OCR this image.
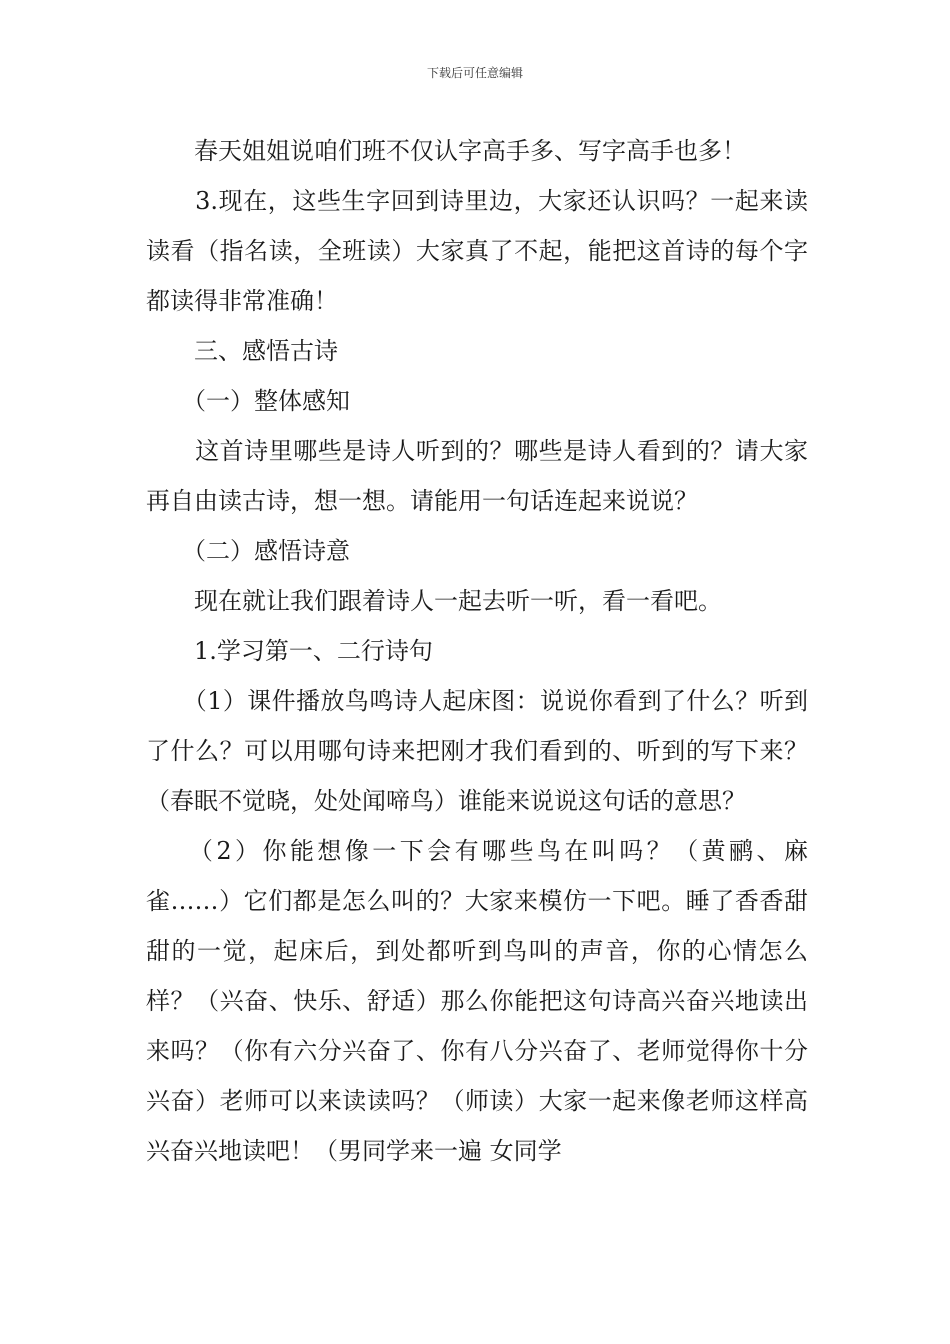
下载后可任意编辑

　　春天姐姐说咱们班不仅认字高手多、写字高手也多！

　　3.现在，这些生字回到诗里边，大家还认识吗？一起来读读看（指名读，全班读）大家真了不起，能把这首诗的每个字都读得非常准确！

　　三、感悟古诗

　　（一）整体感知

　　这首诗里哪些是诗人听到的？哪些是诗人看到的？请大家再自由读古诗，想一想。请能用一句话连起来说说？

　　（二）感悟诗意

　　现在就让我们跟着诗人一起去听一听，看一看吧。

　　1.学习第一、二行诗句

　　（1）课件播放鸟鸣诗人起床图：说说你看到了什么？听到了什么？可以用哪句诗来把刚才我们看到的、听到的写下来？（春眠不觉晓，处处闻啼鸟）谁能来说说这句话的意思？

　　（2）你能想像一下会有哪些鸟在叫吗？（黄鹂、麻雀……）它们都是怎么叫的？大家来模仿一下吧。睡了香香甜甜的一觉，起床后，到处都听到鸟叫的声音，你的心情怎么样？（兴奋、快乐、舒适）那么你能把这句诗高兴奋兴地读出来吗？（你有六分兴奋了、你有八分兴奋了、老师觉得你十分兴奋）老师可以来读读吗？（师读）大家一起来像老师这样高兴奋兴地读吧！（男同学来一遍 女同学
